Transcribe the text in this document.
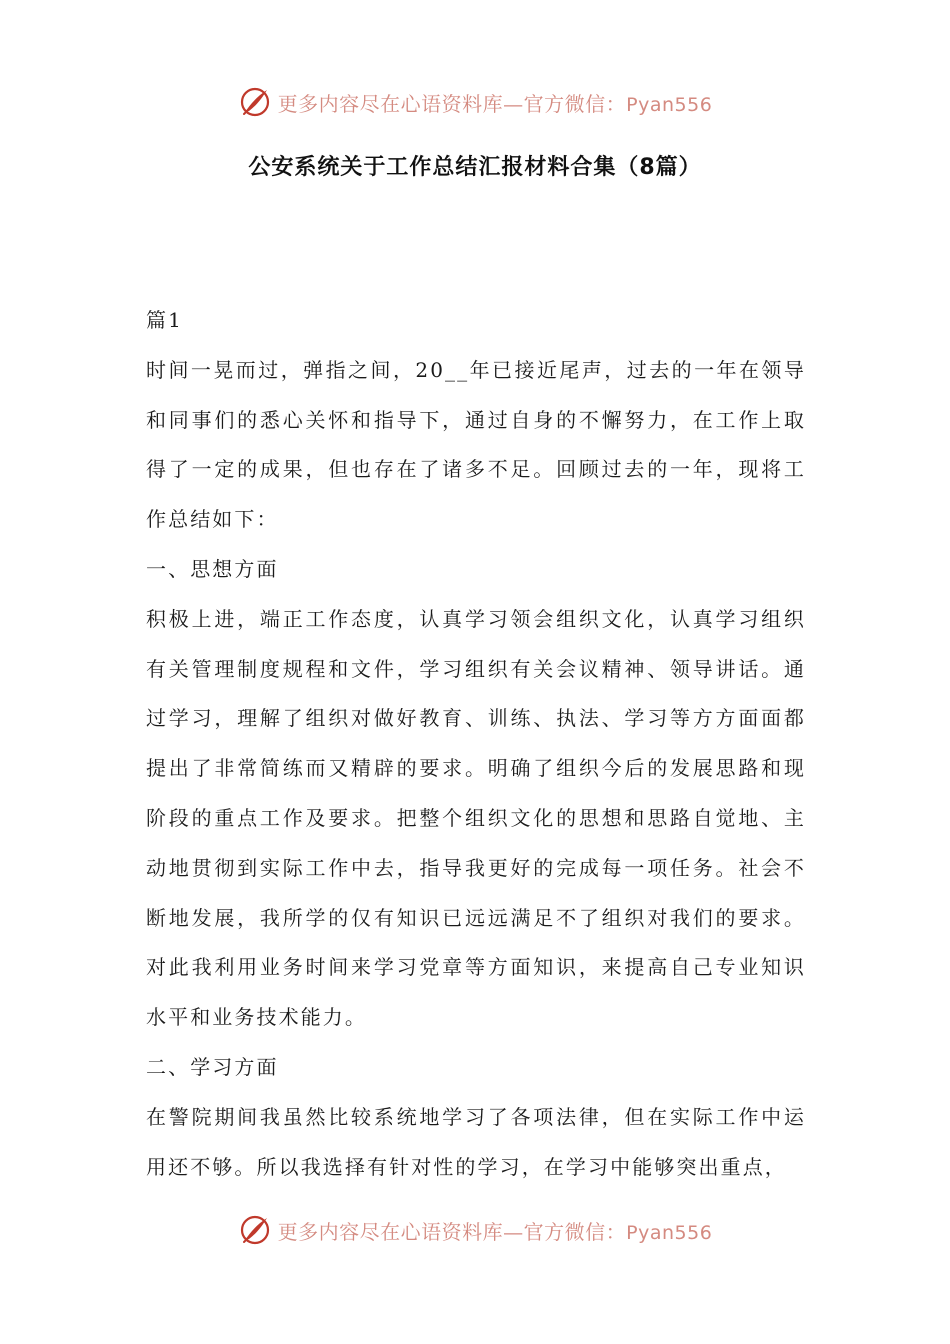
更多内容尽在心语资料库—官方微信：Pyan556
公安系统关于工作总结汇报材料合集（8篇）

篇1

时间一晃而过，弹指之间，20__年已接近尾声，过去的一年在领导和同事们的悉心关怀和指导下，通过自身的不懈努力，在工作上取得了一定的成果，但也存在了诸多不足。回顾过去的一年，现将工作总结如下：

一、思想方面

积极上进，端正工作态度，认真学习领会组织文化，认真学习组织有关管理制度规程和文件，学习组织有关会议精神、领导讲话。通过学习，理解了组织对做好教育、训练、执法、学习等方方面面都提出了非常简练而又精辟的要求。明确了组织今后的发展思路和现阶段的重点工作及要求。把整个组织文化的思想和思路自觉地、主动地贯彻到实际工作中去，指导我更好的完成每一项任务。社会不断地发展，我所学的仅有知识已远远满足不了组织对我们的要求。对此我利用业务时间来学习党章等方面知识，来提高自己专业知识水平和业务技术能力。

二、学习方面

在警院期间我虽然比较系统地学习了各项法律，但在实际工作中运用还不够。所以我选择有针对性的学习，在学习中能够突出重点，

更多内容尽在心语资料库—官方微信：Pyan556
